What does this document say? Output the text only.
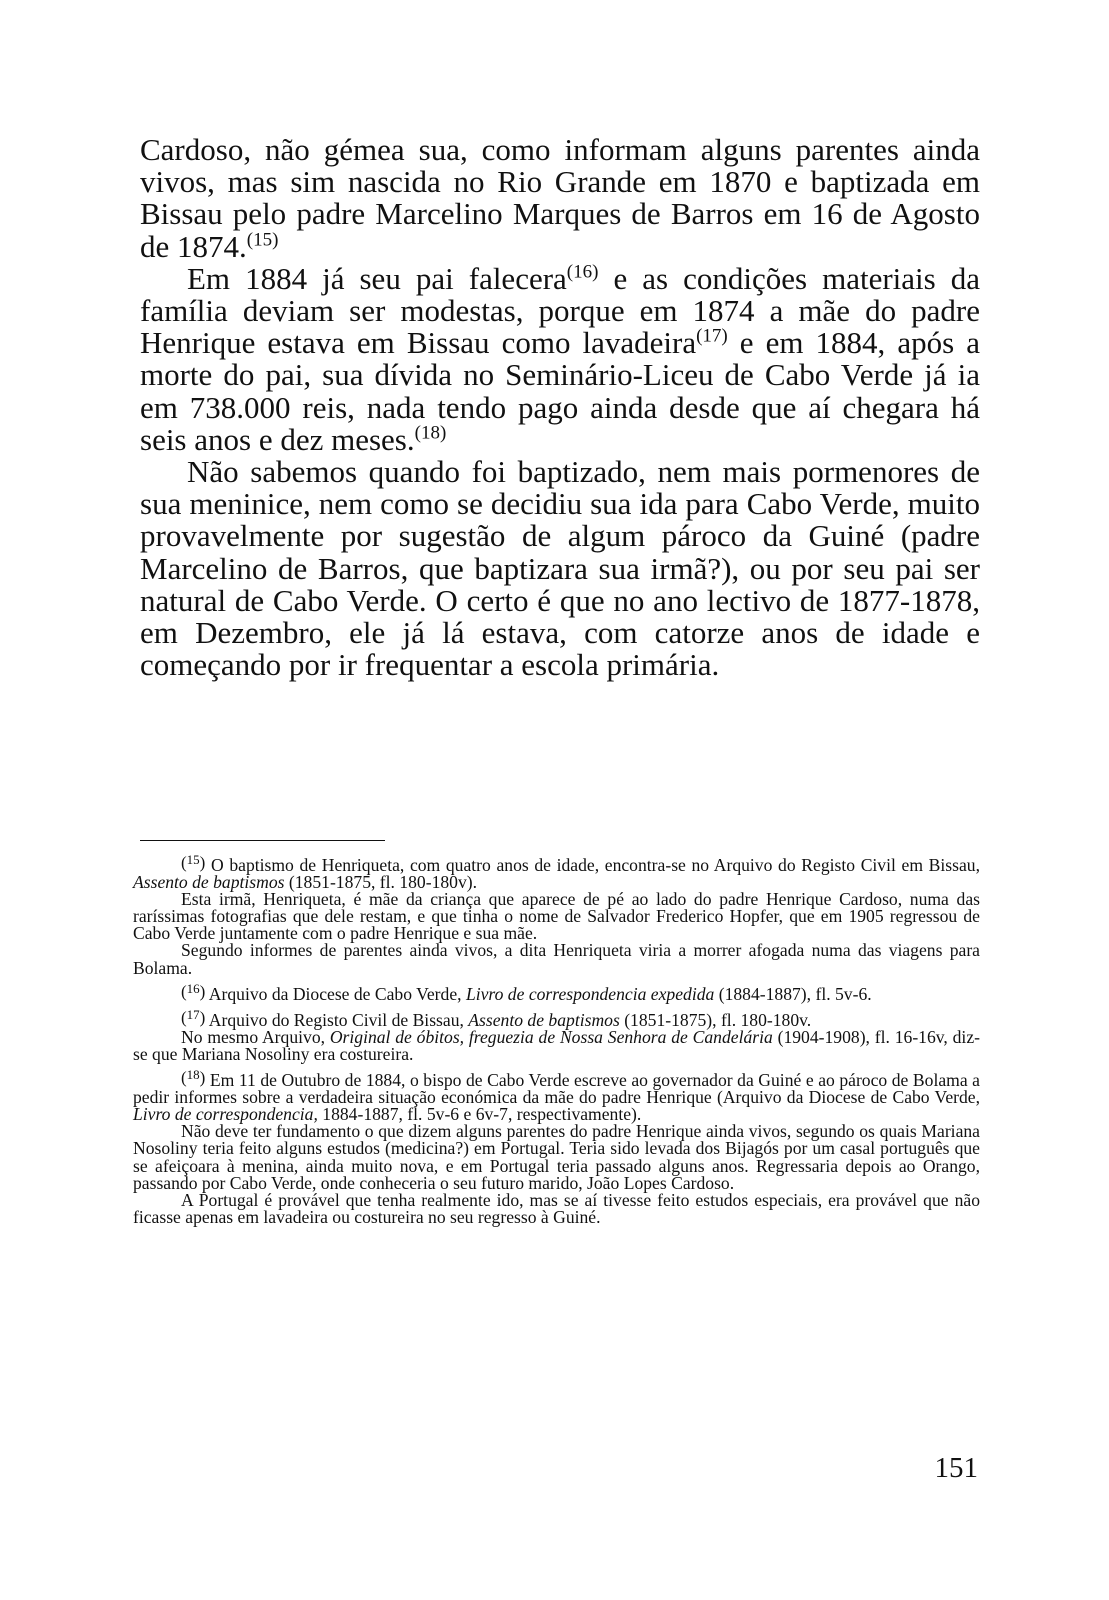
Cardoso, não gémea sua, como informam alguns parentes ainda vivos, mas sim nascida no Rio Grande em 1870 e baptizada em Bissau pelo padre Marcelino Marques de Barros em 16 de Agosto de 1874.$^{(15)}$

Em 1884 já seu pai falecera$^{(16)}$ e as condições materiais da família deviam ser modestas, porque em 1874 a mãe do padre Henrique estava em Bissau como lavadeira$^{(17)}$ e em 1884, após a morte do pai, sua dívida no Seminário-Liceu de Cabo Verde já ia em 738.000 reis, nada tendo pago ainda desde que aí chegara há seis anos e dez meses.$^{(18)}$

Não sabemos quando foi baptizado, nem mais pormenores de sua meninice, nem como se decidiu sua ida para Cabo Verde, muito provavelmente por sugestão de algum pároco da Guiné (padre Marcelino de Barros, que baptizara sua irmã?), ou por seu pai ser natural de Cabo Verde. O certo é que no ano lectivo de 1877-1878, em Dezembro, ele já lá estava, com catorze anos de idade e começando por ir frequentar a escola primária.

( $^{15}$ ) O baptismo de Henriqueta, com quatro anos de idade, encontra-se no Arquivo do Registo Civil em Bissau, Assento de baptismos (1851-1875, fl. 180-180v).

Esta irmã, Henriqueta, é mãe da criança que aparece de pé ao lado do padre Henrique Cardoso, numa das raríssimas fotografias que dele restam, e que tinha o nome de Salvador Frederico Hopfer, que em 1905 regressou de Cabo Verde juntamente com o padre Henrique e sua mãe.

Segundo informes de parentes ainda vivos, a dita Henriqueta viria a morrer afogada numa das viagens para Bolama.

( $^{16}$ ) Arquivo da Diocese de Cabo Verde, Livro de correspondencia expedida (1884-1887), fl. 5v-6.

( $^{17}$ ) Arquivo do Registo Civil de Bissau, Assento de baptismos (1851-1875), fl. 180-180v.

No mesmo Arquivo, Original de óbitos, freguezia de Nossa Senhora de Candelária (1904-1908), fl. 16-16v, diz-se que Mariana Nosoliny era costureira.

( $^{18}$ ) Em 11 de Outubro de 1884, o bispo de Cabo Verde escreve ao governador da Guiné e ao pároco de Bolama a pedir informes sobre a verdadeira situação económica da mãe do padre Henrique (Arquivo da Diocese de Cabo Verde, Livro de correspondencia, 1884-1887, fl. 5v-6 e 6v-7, respectivamente).

Não deve ter fundamento o que dizem alguns parentes do padre Henrique ainda vivos, segundo os quais Mariana Nosoliny teria feito alguns estudos (medicina?) em Portugal. Teria sido levada dos Bijagós por um casal português que se afeiçoara à menina, ainda muito nova, e em Portugal teria passado alguns anos. Regressaria depois ao Orango, passando por Cabo Verde, onde conheceria o seu futuro marido, João Lopes Cardoso.

A Portugal é provável que tenha realmente ido, mas se aí tivesse feito estudos especiais, era provável que não ficasse apenas em lavadeira ou costureira no seu regresso à Guiné.

151
